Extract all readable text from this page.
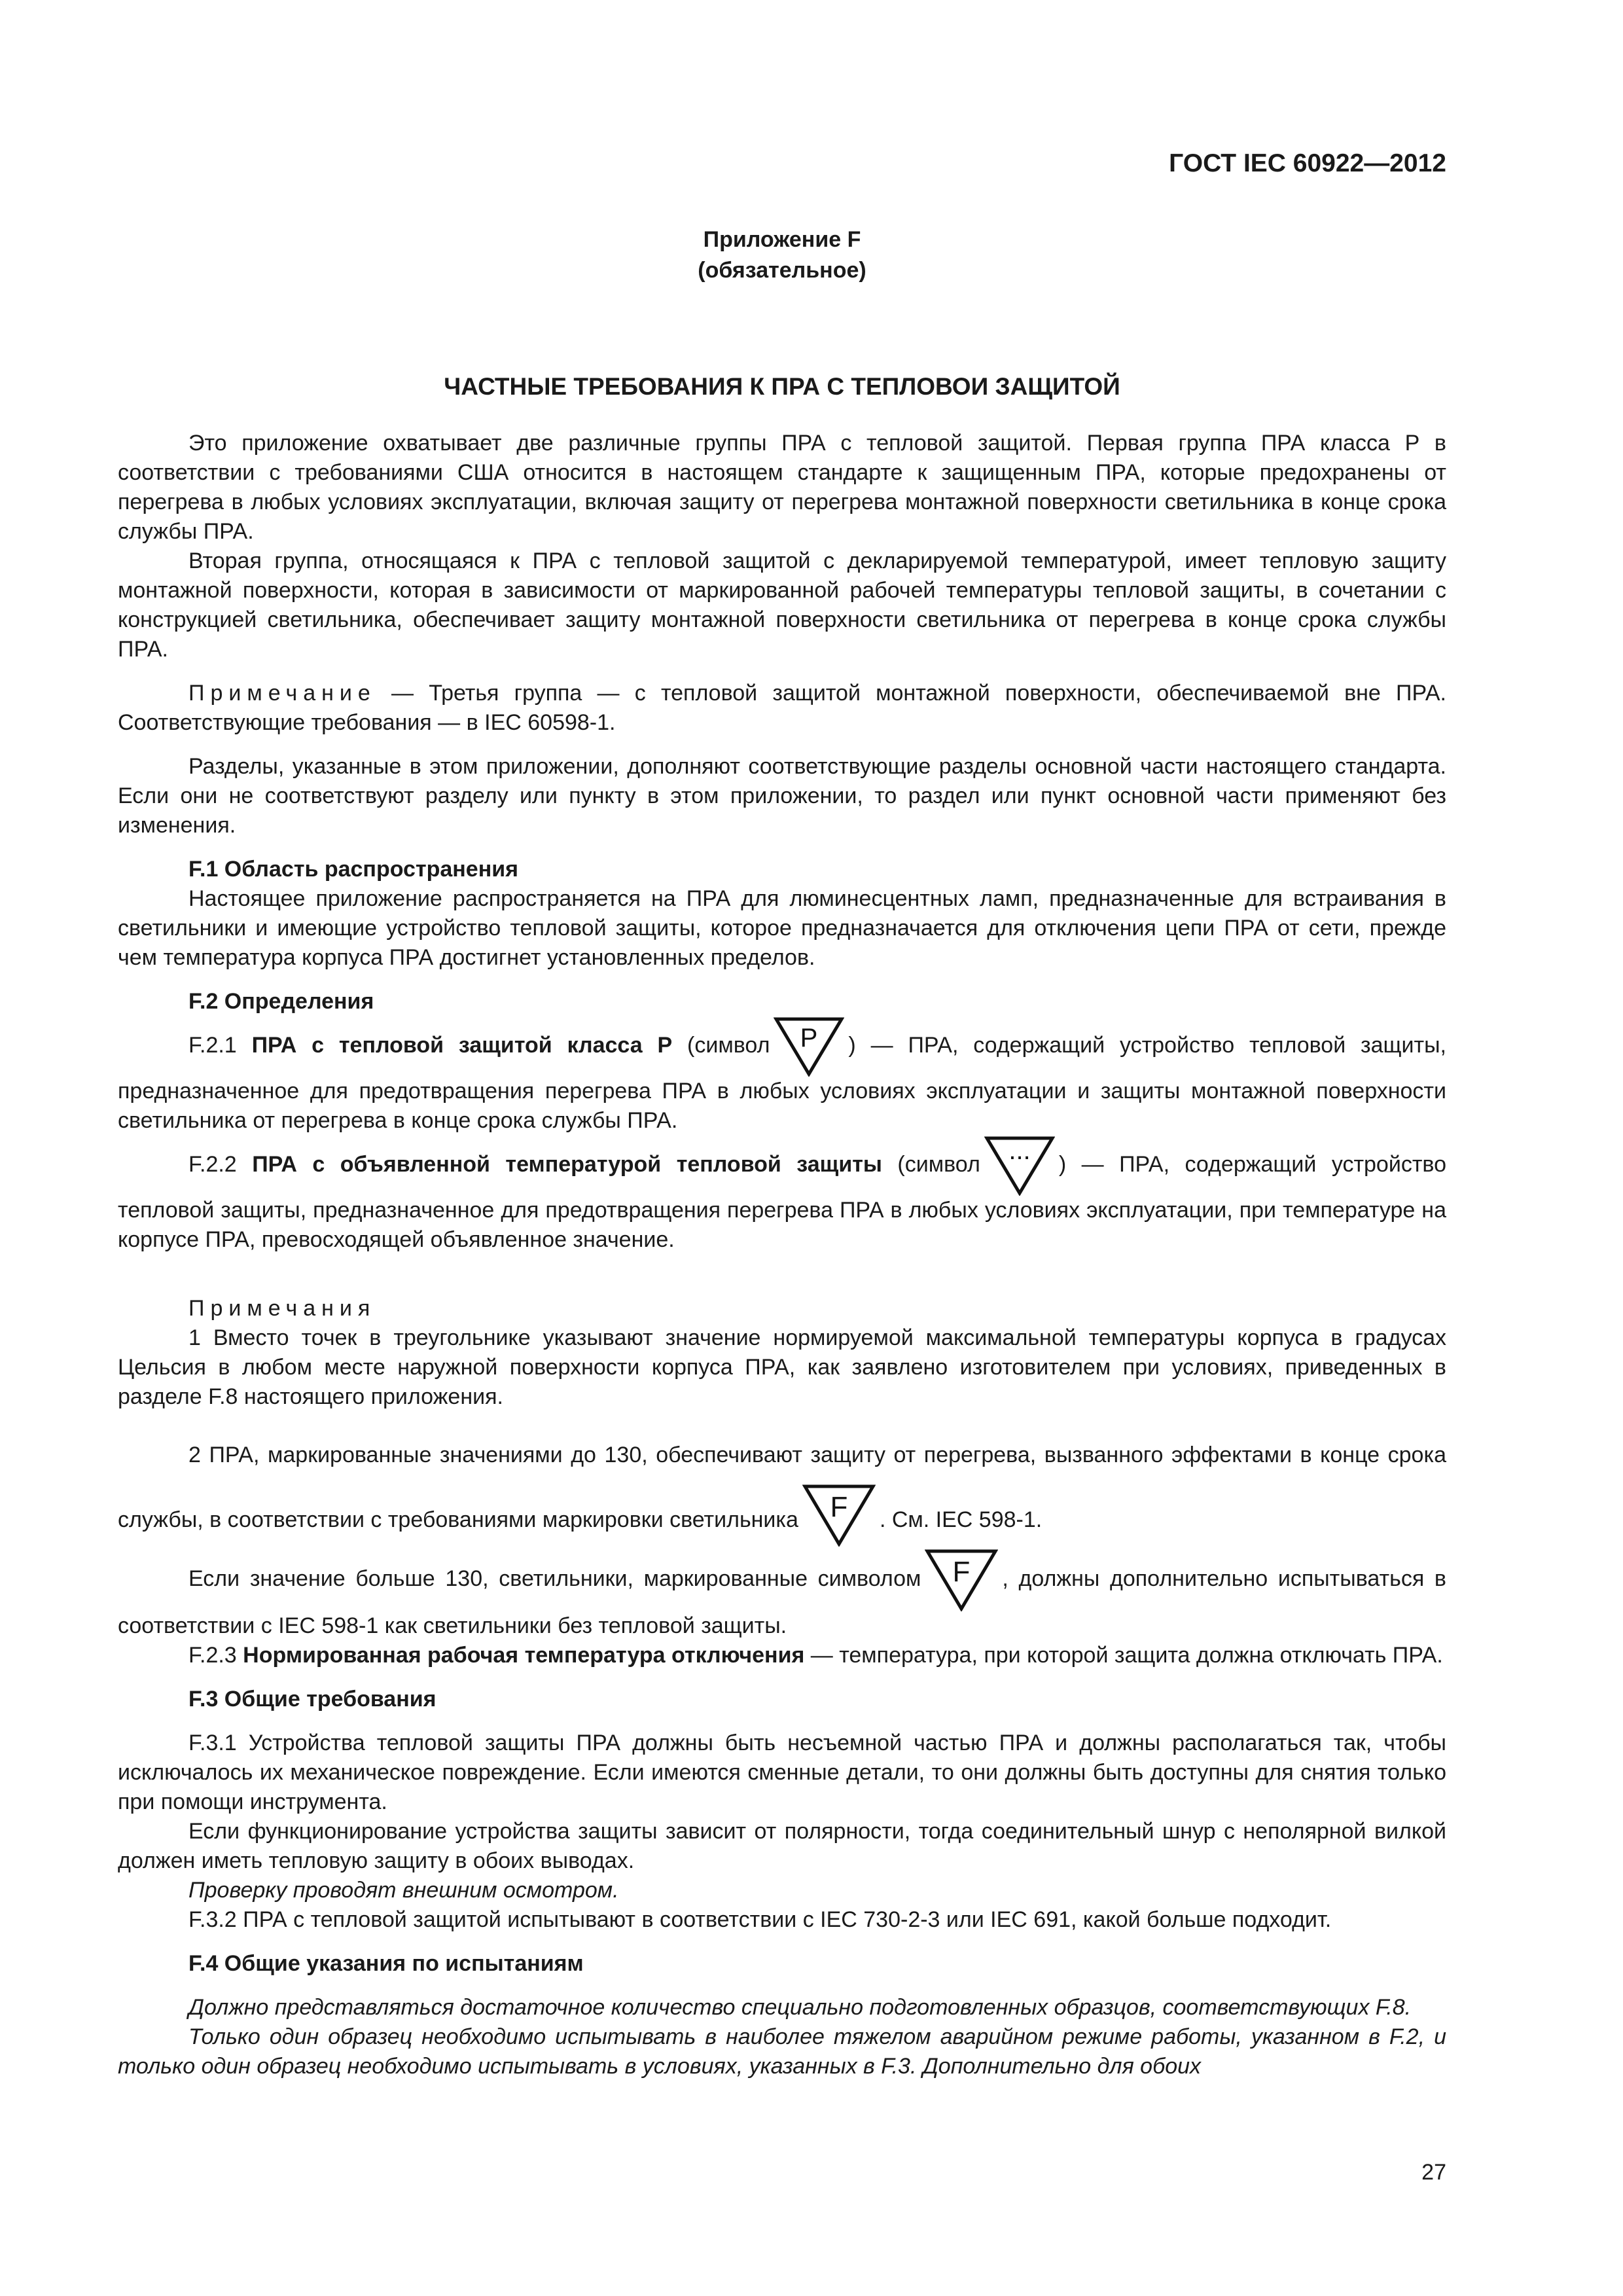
ГОСТ IEC 60922—2012
Приложение F
(обязательное)
ЧАСТНЫЕ ТРЕБОВАНИЯ К ПРА С ТЕПЛОВОИ ЗАЩИТОЙ

Это приложение охватывает две различные группы ПРА с тепловой защитой. Первая группа ПРА класса Р в соответствии с требованиями США относится в настоящем стандарте к защищенным ПРА, которые предохранены от перегрева в любых условиях эксплуатации, включая защиту от перегрева монтажной поверхности светильника в конце срока службы ПРА.

Вторая группа, относящаяся к ПРА с тепловой защитой с декларируемой температурой, имеет тепловую защиту монтажной поверхности, которая в зависимости от маркированной рабочей температуры тепловой защиты, в сочетании с конструкцией светильника, обеспечивает защиту монтажной поверхности светильника от перегрева в конце срока службы ПРА.

Примечание — Третья группа — с тепловой защитой монтажной поверхности, обеспечиваемой вне ПРА. Соответствующие требования — в IEC 60598-1.

Разделы, указанные в этом приложении, дополняют соответствующие разделы основной части настоящего стандарта. Если они не соответствуют разделу или пункту в этом приложении, то раздел или пункт основной части применяют без изменения.

F.1 Область распространения

Настоящее приложение распространяется на ПРА для люминесцентных ламп, предназначенные для встраивания в светильники и имеющие устройство тепловой защиты, которое предназначается для отключения цепи ПРА от сети, прежде чем температура корпуса ПРА достигнет установленных пределов.

F.2 Определения

F.2.1 ПРА с тепловой защитой класса Р (символ P ) — ПРА, содержащий устройство тепловой защиты, предназначенное для предотвращения перегрева ПРА в любых условиях эксплуатации и защиты монтажной поверхности светильника от перегрева в конце срока службы ПРА.

F.2.2 ПРА с объявленной температурой тепловой защиты (символ ... ) — ПРА, содержащий устройство тепловой защиты, предназначенное для предотвращения перегрева ПРА в любых условиях эксплуатации, при температуре на корпусе ПРА, превосходящей объявленное значение.

Примечания

1 Вместо точек в треугольнике указывают значение нормируемой максимальной температуры корпуса в градусах Цельсия в любом месте наружной поверхности корпуса ПРА, как заявлено изготовителем при условиях, приведенных в разделе F.8 настоящего приложения.

2 ПРА, маркированные значениями до 130, обеспечивают защиту от перегрева, вызванного эффектами в конце срока службы, в соответствии с требованиями маркировки светильника F . См. IEC 598-1.

Если значение больше 130, светильники, маркированные символом F , должны дополнительно испытываться в соответствии с IEC 598-1 как светильники без тепловой защиты.

F.2.3 Нормированная рабочая температура отключения — температура, при которой защита должна отключать ПРА.

F.3 Общие требования

F.3.1 Устройства тепловой защиты ПРА должны быть несъемной частью ПРА и должны располагаться так, чтобы исключалось их механическое повреждение. Если имеются сменные детали, то они должны быть доступны для снятия только при помощи инструмента.

Если функционирование устройства защиты зависит от полярности, тогда соединительный шнур с неполярной вилкой должен иметь тепловую защиту в обоих выводах.

Проверку проводят внешним осмотром.

F.3.2 ПРА с тепловой защитой испытывают в соответствии с IEC 730-2-3 или IEC 691, какой больше подходит.

F.4 Общие указания по испытаниям

Должно представляться достаточное количество специально подготовленных образцов, соответствующих F.8.

Только один образец необходимо испытывать в наиболее тяжелом аварийном режиме работы, указанном в F.2, и только один образец необходимо испытывать в условиях, указанных в F.3. Дополнительно для обоих

27
